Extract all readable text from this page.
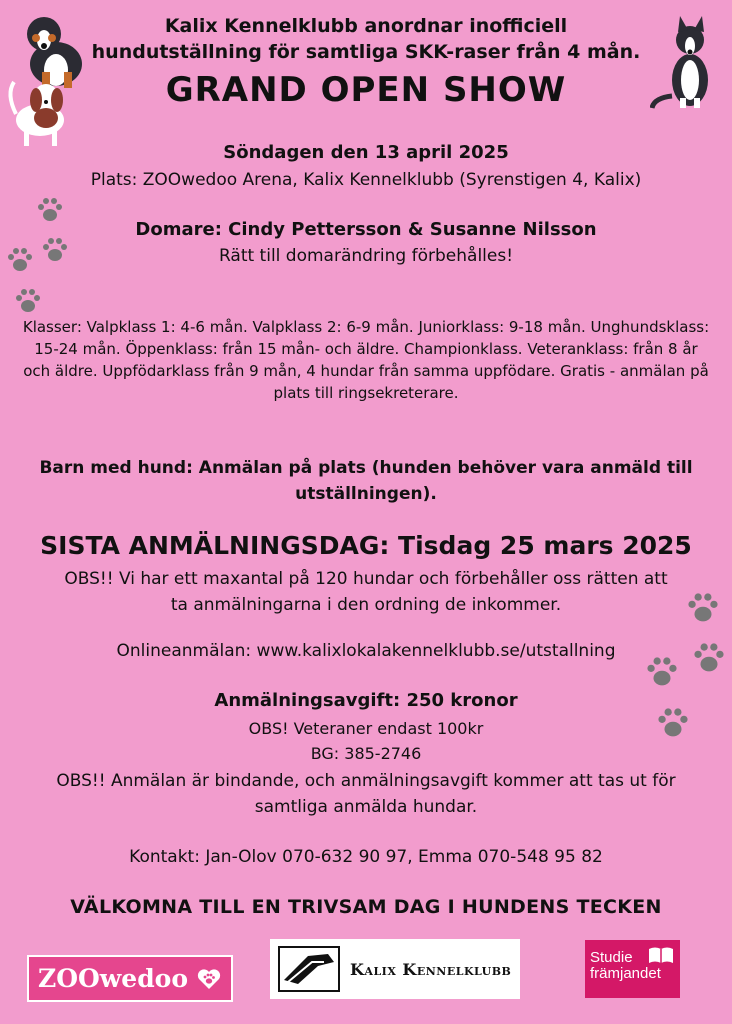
Kalix Kennelklubb anordnar inofficiell hundutställning för samtliga SKK-raser från 4 mån.
GRAND OPEN SHOW
Söndagen den 13 april 2025
Plats: ZOOwedoo Arena, Kalix Kennelklubb (Syrenstigen 4, Kalix)
Domare: Cindy Pettersson & Susanne Nilsson
Rätt till domarändring förbehålles!
Klasser: Valpklass 1: 4-6 mån. Valpklass 2: 6-9 mån. Juniorklass: 9-18 mån. Unghundsklass: 15-24 mån. Öppenklass: från 15 mån- och äldre. Championklass. Veteranklass: från 8 år och äldre. Uppfödarklass från 9 mån, 4 hundar från samma uppfödare. Gratis - anmälan på plats till ringsekreterare.
Barn med hund: Anmälan på plats (hunden behöver vara anmäld till utställningen).
SISTA ANMÄLNINGSDAG: Tisdag 25 mars 2025
OBS!! Vi har ett maxantal på 120 hundar och förbehåller oss rätten att ta anmälningarna i den ordning de inkommer.
Onlineanmälan: www.kalixlokalakennelklubb.se/utstallning
Anmälningsavgift: 250 kronor
OBS! Veteraner endast 100kr
BG: 385-2746
OBS!! Anmälan är bindande, och anmälningsavgift kommer att tas ut för samtliga anmälda hundar.
Kontakt: Jan-Olov 070-632 90 97, Emma 070-548 95 82
VÄLKOMNA TILL EN TRIVSAM DAG I HUNDENS TECKEN
ZOOwedoo	Kalix Kennelklubb
Studie
främjandet
